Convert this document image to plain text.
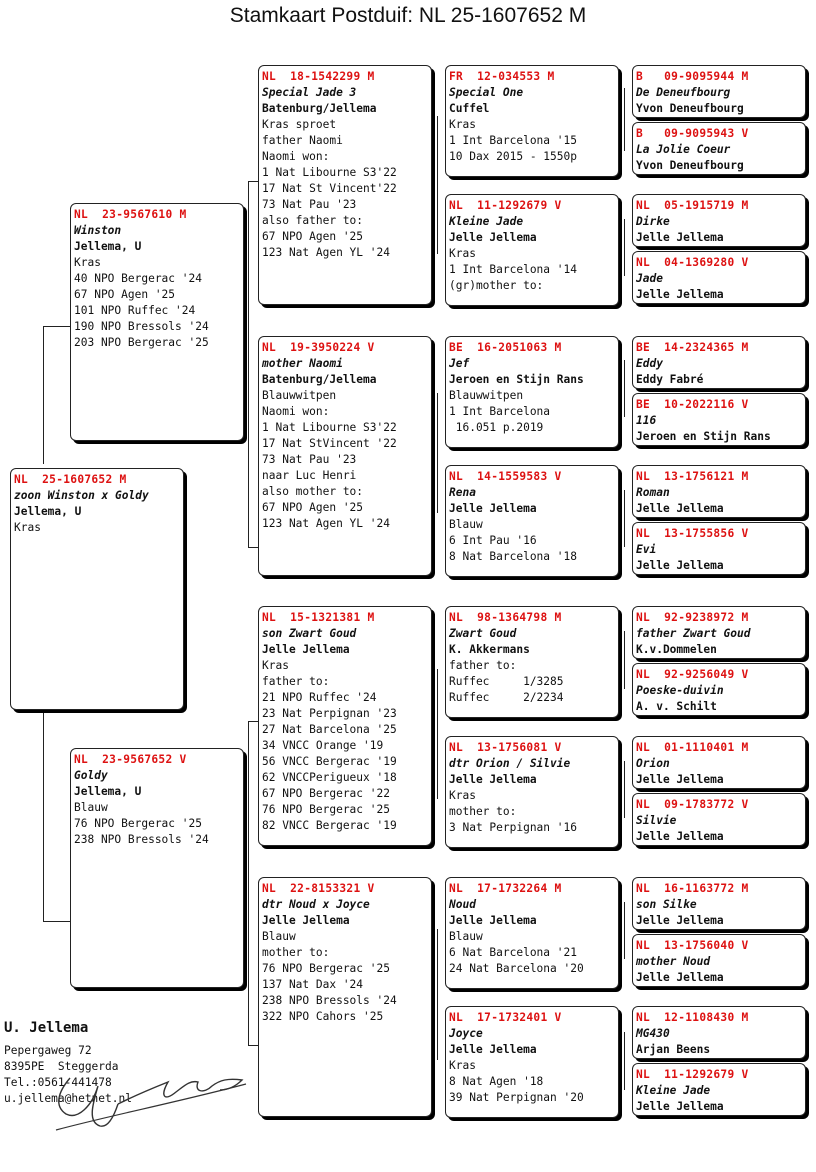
Stamkaart Postduif: NL 25-1607652 M
NL  25-1607652 M
zoon Winston x Goldy
Jellema, U
Kras
NL  23-9567610 M
Winston
Jellema, U
Kras
40 NPO Bergerac '24
67 NPO Agen '25
101 NPO Ruffec '24
190 NPO Bressols '24
203 NPO Bergerac '25
NL  23-9567652 V
Goldy
Jellema, U
Blauw
76 NPO Bergerac '25
238 NPO Bressols '24
NL  18-1542299 M
Special Jade 3
Batenburg/Jellema
Kras sproet
father Naomi
Naomi won:
1 Nat Libourne S3'22
17 Nat St Vincent'22
73 Nat Pau '23
also father to:
67 NPO Agen '25
123 Nat Agen YL '24
NL  19-3950224 V
mother Naomi
Batenburg/Jellema
Blauwwitpen
Naomi won:
1 Nat Libourne S3'22
17 Nat StVincent '22
73 Nat Pau '23
naar Luc Henri
also mother to:
67 NPO Agen '25
123 Nat Agen YL '24
NL  15-1321381 M
son Zwart Goud
Jelle Jellema
Kras
father to:
21 NPO Ruffec '24
23 Nat Perpignan '23
27 Nat Barcelona '25
34 VNCC Orange '19
56 VNCC Bergerac '19
62 VNCCPerigueux '18
67 NPO Bergerac '22
76 NPO Bergerac '25
82 VNCC Bergerac '19
NL  22-8153321 V
dtr Noud x Joyce
Jelle Jellema
Blauw
mother to:
76 NPO Bergerac '25
137 Nat Dax '24
238 NPO Bressols '24
322 NPO Cahors '25
FR  12-034553 M
Special One
Cuffel
Kras
1 Int Barcelona '15
10 Dax 2015 - 1550p
NL  11-1292679 V
Kleine Jade
Jelle Jellema
Kras
1 Int Barcelona '14
(gr)mother to:
BE  16-2051063 M
Jef
Jeroen en Stijn Rans
Blauwwitpen
1 Int Barcelona
16.051 p.2019
NL  14-1559583 V
Rena
Jelle Jellema
Blauw
6 Int Pau '16
8 Nat Barcelona '18
NL  98-1364798 M
Zwart Goud
K. Akkermans
father to:
Ruffec     1/3285
Ruffec     2/2234
NL  13-1756081 V
dtr Orion / Silvie
Jelle Jellema
Kras
mother to:
3 Nat Perpignan '16
NL  17-1732264 M
Noud
Jelle Jellema
Blauw
6 Nat Barcelona '21
24 Nat Barcelona '20
NL  17-1732401 V
Joyce
Jelle Jellema
Kras
8 Nat Agen '18
39 Nat Perpignan '20
B   09-9095944 M
De Deneufbourg
Yvon Deneufbourg
B   09-9095943 V
La Jolie Coeur
Yvon Deneufbourg
NL  05-1915719 M
Dirke
Jelle Jellema
NL  04-1369280 V
Jade
Jelle Jellema
BE  14-2324365 M
Eddy
Eddy Fabré
BE  10-2022116 V
116
Jeroen en Stijn Rans
NL  13-1756121 M
Roman
Jelle Jellema
NL  13-1755856 V
Evi
Jelle Jellema
NL  92-9238972 M
father Zwart Goud
K.v.Dommelen
NL  92-9256049 V
Poeske-duivin
A. v. Schilt
NL  01-1110401 M
Orion
Jelle Jellema
NL  09-1783772 V
Silvie
Jelle Jellema
NL  16-1163772 M
son Silke
Jelle Jellema
NL  13-1756040 V
mother Noud
Jelle Jellema
NL  12-1108430 M
MG430
Arjan Beens
NL  11-1292679 V
Kleine Jade
Jelle Jellema
U. Jellema
Pepergaweg 72
8395PE  Steggerda
Tel.:0561-441478
u.jellema@hetnet.nl
